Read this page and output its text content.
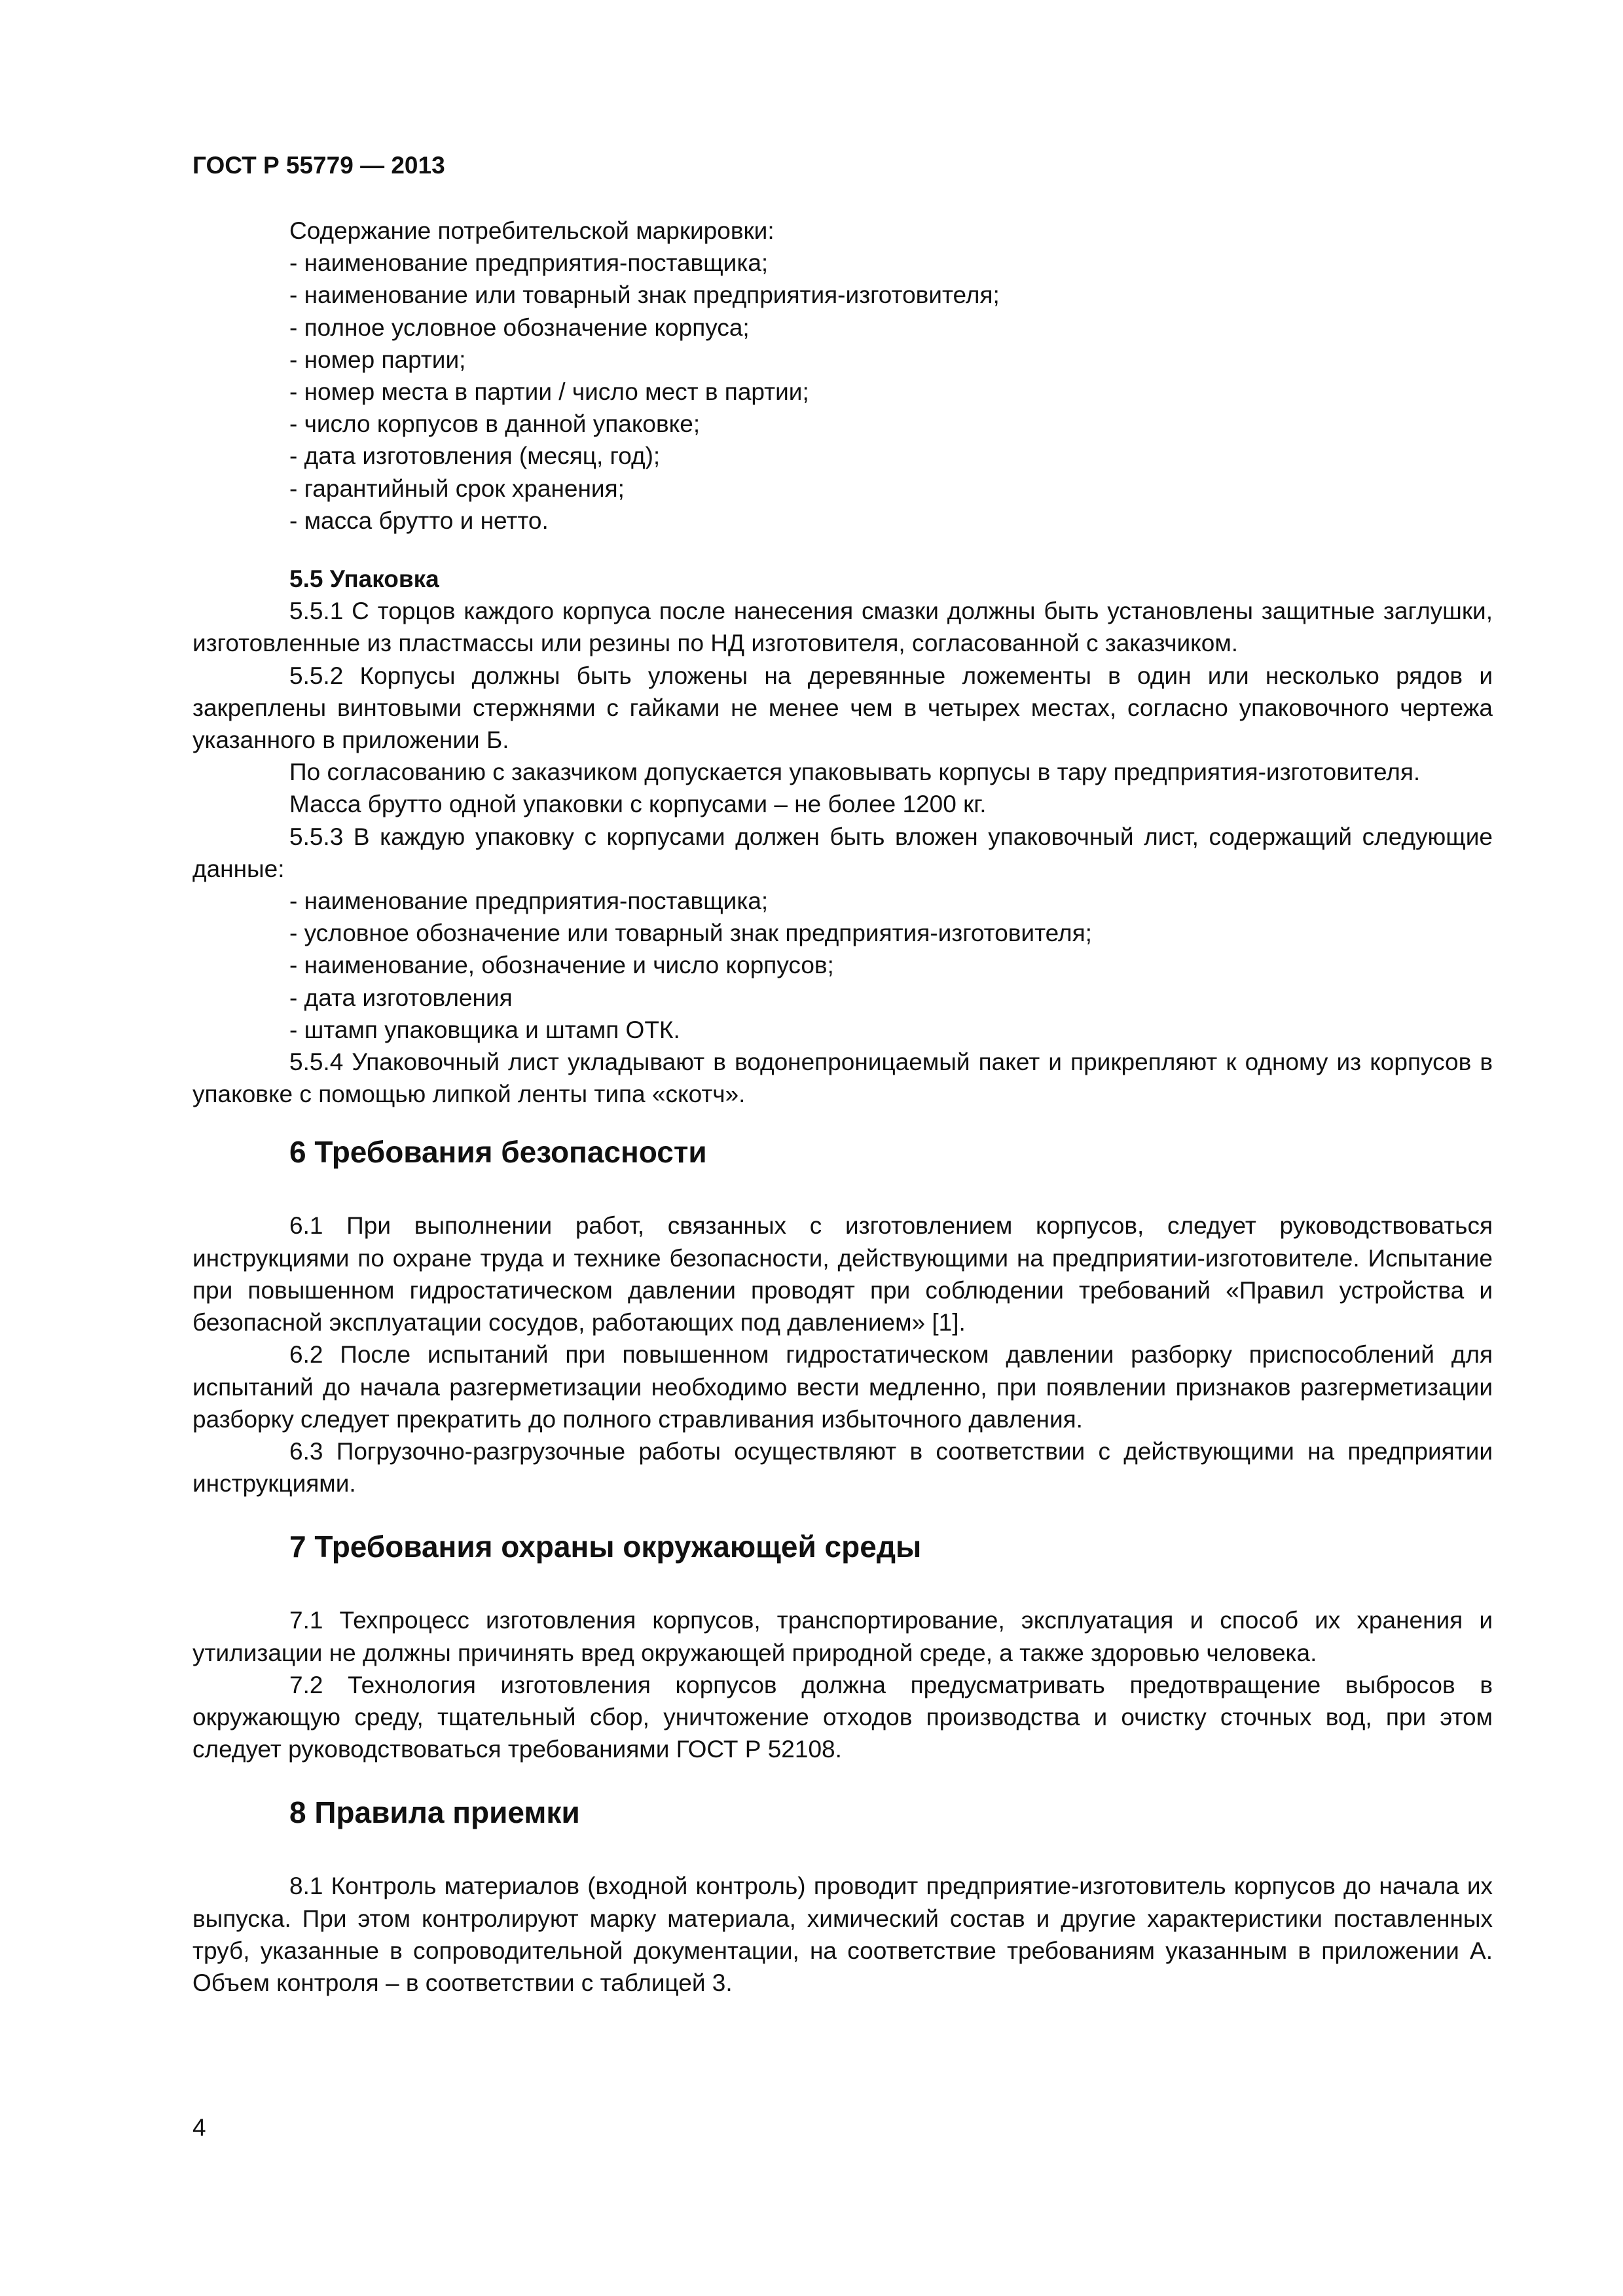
ГОСТ Р 55779 — 2013

Содержание потребительской маркировки:

- наименование предприятия-поставщика;

- наименование или товарный знак предприятия-изготовителя;

- полное условное обозначение корпуса;

- номер партии;

- номер места в партии / число мест в партии;

- число корпусов в данной упаковке;

- дата изготовления (месяц, год);

- гарантийный срок хранения;

- масса брутто и нетто.

5.5 Упаковка

5.5.1 С торцов каждого корпуса после нанесения смазки должны быть установлены защитные заглушки, изготовленные из пластмассы или резины по НД изготовителя, согласованной с заказчиком.

5.5.2 Корпусы должны быть уложены на деревянные ложементы в один или несколько рядов и закреплены винтовыми стержнями с гайками не менее чем в четырех местах, согласно упаковочного чертежа указанного в приложении Б.

По согласованию с заказчиком допускается упаковывать корпусы в тару предприятия-изготовителя.

Масса брутто одной упаковки с корпусами – не более 1200 кг.

5.5.3 В каждую упаковку с корпусами должен быть вложен упаковочный лист, содержащий следующие данные:

- наименование предприятия-поставщика;

- условное обозначение или товарный знак предприятия-изготовителя;

- наименование, обозначение и число корпусов;

- дата изготовления

- штамп упаковщика и штамп ОТК.

5.5.4 Упаковочный лист укладывают в водонепроницаемый пакет и прикрепляют к одному из корпусов в упаковке с помощью липкой ленты типа «скотч».

6 Требования безопасности

6.1 При выполнении работ, связанных с изготовлением корпусов, следует руководствоваться инструкциями по охране труда и технике безопасности, действующими на предприятии-изготовителе. Испытание при повышенном гидростатическом давлении проводят при соблюдении требований «Правил устройства и безопасной эксплуатации сосудов, работающих под давлением» [1].

6.2 После испытаний при повышенном гидростатическом давлении разборку приспособлений для испытаний до начала разгерметизации необходимо вести медленно, при появлении признаков разгерметизации разборку следует прекратить до полного стравливания избыточного давления.

6.3 Погрузочно-разгрузочные работы осуществляют в соответствии с действующими на предприятии инструкциями.

7 Требования охраны окружающей среды

7.1 Техпроцесс изготовления корпусов, транспортирование, эксплуатация и способ их хранения и утилизации не должны причинять вред окружающей природной среде, а также здоровью человека.

7.2 Технология изготовления корпусов должна предусматривать предотвращение выбросов в окружающую среду, тщательный сбор, уничтожение отходов производства и очистку сточных вод, при этом следует руководствоваться требованиями ГОСТ Р 52108.

8 Правила приемки

8.1 Контроль материалов (входной контроль) проводит предприятие-изготовитель корпусов до начала их выпуска. При этом контролируют марку материала, химический состав и другие характеристики поставленных труб, указанные в сопроводительной документации, на соответствие требованиям указанным в приложении А. Объем контроля – в соответствии с таблицей 3.

4
